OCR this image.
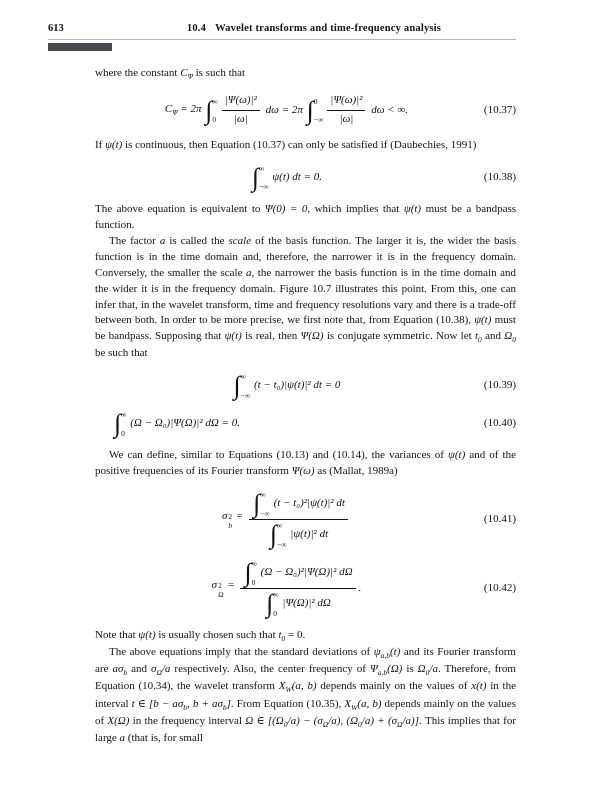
613	10.4 Wavelet transforms and time-frequency analysis

where the constant $C_\Psi$ is such that

$C_\Psi = 2\pi$ ∫ ∞
$0 \frac{\text{|Ψ(ω)|²}}{|\omega|}$ dω = 2π ∫ 0
−∞ $\frac{\text{|Ψ(ω)|²}}{|\omega|}$ dω < ∞.	(10.37)

If ψ(t) is continuous, then Equation (10.37) can only be satisfied if (Daubechies, 1991)

∫ ∞
−∞
ψ(t) dt = 0.	(10.38)

The above equation is equivalent to Ψ(0) = 0, which implies that ψ(t) must be a bandpass function.

The factor a is called the scale of the basis function. The larger it is, the wider the basis function is in the time domain and, therefore, the narrower it is in the frequency domain. Conversely, the smaller the scale a, the narrower the basis function is in the time domain and the wider it is in the frequency domain. Figure 10.7 illustrates this point. From this, one can infer that, in the wavelet transform, time and frequency resolutions vary and there is a trade-off between both. In order to be more precise, we first note that, from Equation (10.38), ψ(t) must be bandpass. Supposing that ψ(t) is real, then Ψ(Ω) is conjugate symmetric. Now let $t_0$ and $\Omega_0$ be such that

∫ ∞
−∞
(t − t₀)|ψ(t)|² dt = 0	(10.39)
∫ ∞
0
(Ω − Ω₀)|Ψ(Ω)|² dΩ = 0.	(10.40)

We can define, similar to Equations (10.13) and (10.14), the variances of ψ(t) and of the positive frequencies of its Fourier transform Ψ(ω) as (Mallat, 1989a)

σ 2
b
= ∫ ∞
−∞
(t − t₀)²|ψ(t)|² dt
∫ ∞
−∞
|ψ(t)|² dt
(10.41)
σ 2
Ω
= ∫ ∞
0
(Ω − Ω₀)²|Ψ(Ω)|² dΩ
∫ ∞
0
|Ψ(Ω)|² dΩ
.	(10.42)

Note that ψ(t) is usually chosen such that $t_0 = 0$.

The above equations imply that the standard deviations of $\psi_{a,b}(t)$ and its Fourier transform are $a\sigma_b$ and $\sigma_\Omega/a$ respectively. Also, the center frequency of $\Psi_{a,b}(\Omega)$ is $\Omega_0/a$. Therefore, from Equation (10.34), the wavelet transform $X_W(a$, b) depends mainly on the values of x(t) in the interval t ∈ [$b - a\sigma_b$, $b + a\sigma_b$]. From Equation (10.35), $X_W(a$, b) depends mainly on the values of X(Ω) in the frequency interval Ω ∈ [$(\Omega_0/a) - (\sigma_\Omega/a)$, $(\Omega_0/a) + (\sigma_\Omega/a)$]. This implies that for large a (that is, for small
